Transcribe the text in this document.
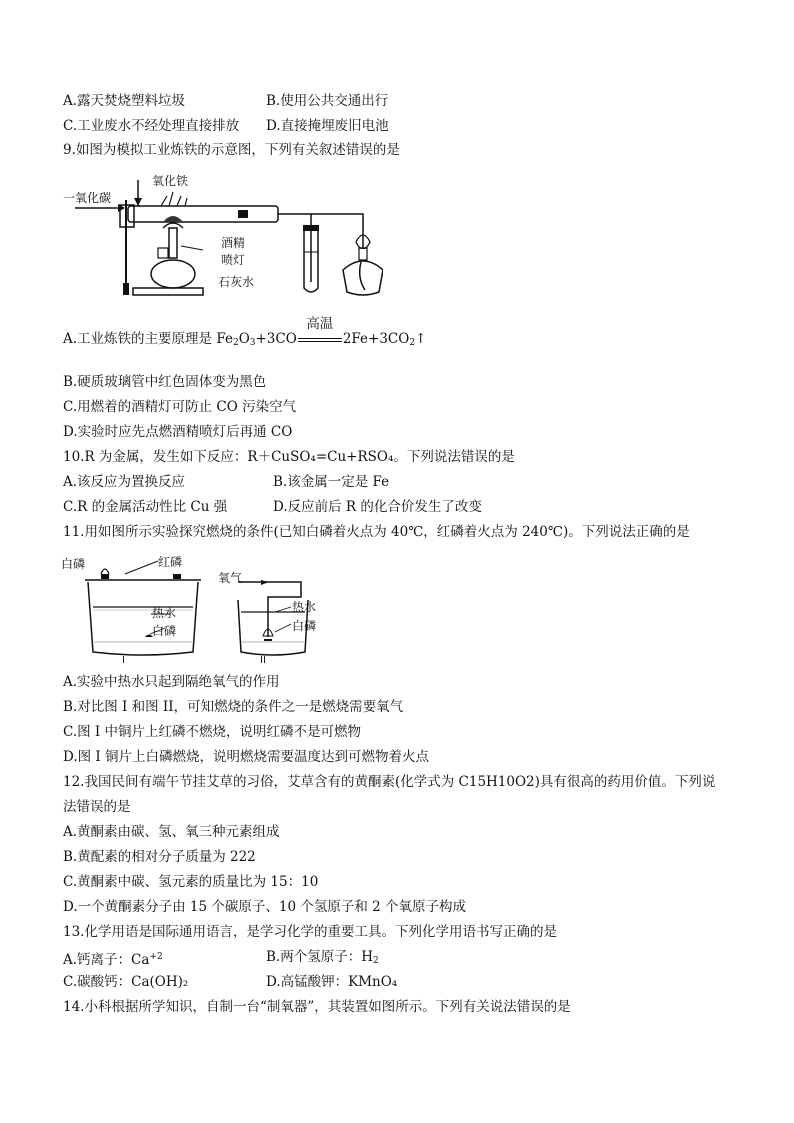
A.露天焚烧塑料垃圾	B.使用公共交通出行
C.工业废水不经处理直接排放 D.直接掩埋废旧电池
9.如图为模拟工业炼铁的示意图，下列有关叙述错误的是
一氧化碳
氧化铁
酒精
喷灯
石灰水
A.工业炼铁的主要原理是 $Fe_2O_3+3CO$
高温
$2Fe+3CO_2↑$
B.硬质玻璃管中红色固体变为黑色
C.用燃着的酒精灯可防止 CO 污染空气
D.实验时应先点燃酒精喷灯后再通 CO
10.R 为金属，发生如下反应：R＋CuSO₄=Cu+RSO₄。下列说法错误的是
A.该反应为置换反应	B.该金属一定是 Fe
C.R 的金属活动性比 Cu 强	D.反应前后 R 的化合价发生了改变
11.用如图所示实验探究燃烧的条件(已知白磷着火点为 40℃，红磷着火点为 240℃)。下列说法正确的是
白磷	红磷
热水
白磷
I
氧气
热水
白磷
II
A.实验中热水只起到隔绝氧气的作用
B.对比图 I 和图 II，可知燃烧的条件之一是燃烧需要氧气
C.图 I 中铜片上红磷不燃烧，说明红磷不是可燃物
D.图 I 铜片上白磷燃烧，说明燃烧需要温度达到可燃物着火点
12.我国民间有端午节挂艾草的习俗，艾草含有的黄酮素(化学式为 C15H10O2)具有很高的药用价值。下列说
法错误的是
A.黄酮素由碳、氢、氧三种元素组成
B.黄配素的相对分子质量为 222
C.黄酮素中碳、氢元素的质量比为 15：10
D.一个黄酮素分子由 15 个碳原子、10 个氢原子和 2 个氧原子构成
13.化学用语是国际通用语言，是学习化学的重要工具。下列化学用语书写正确的是
A.钙离子：$Ca^{+2}$	B.两个氢原子：$H_2$
C.碳酸钙：Ca(OH)₂	D.高锰酸钾：KMnO₄
14.小科根据所学知识，自制一台“制氧器”，其装置如图所示。下列有关说法错误的是
